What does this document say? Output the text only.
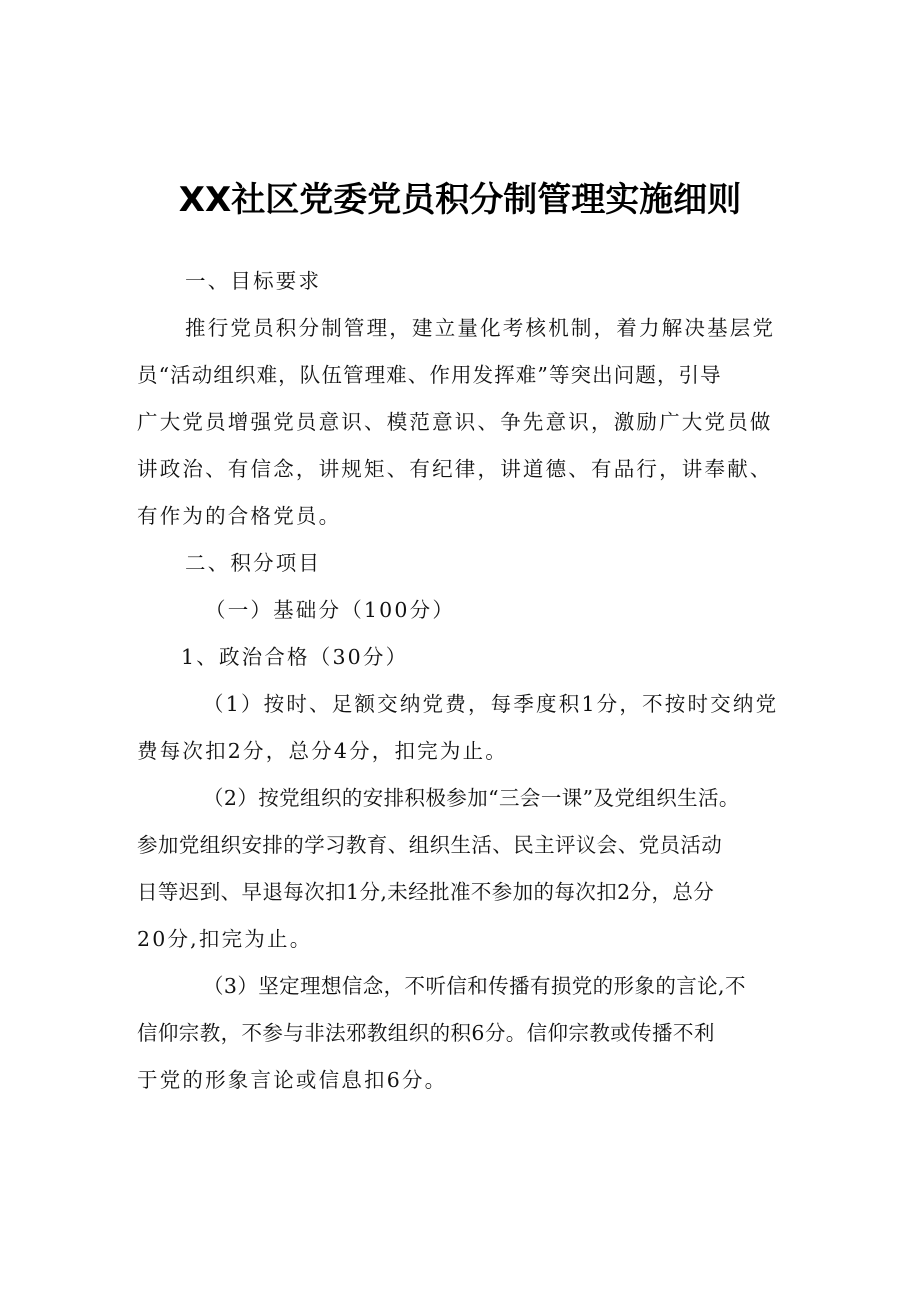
XX社区党委党员积分制管理实施细则
一、目标要求
推行党员积分制管理，建立量化考核机制，着力解决基层党
员“活动组织难，队伍管理难、作用发挥难”等突出问题，引导
广大党员增强党员意识、模范意识、争先意识，激励广大党员做
讲政治、有信念，讲规矩、有纪律，讲道德、有品行，讲奉献、
有作为的合格党员。
二、积分项目
（一）基础分（100分）
1、政治合格（30分）
（1）按时、足额交纳党费，每季度积1分，不按时交纳党
费每次扣2分，总分4分，扣完为止。
（2）按党组织的安排积极参加“三会一课”及党组织生活。
参加党组织安排的学习教育、组织生活、民主评议会、党员活动
日等迟到、早退每次扣1分,未经批准不参加的每次扣2分，总分
20分,扣完为止。
（3）坚定理想信念，不听信和传播有损党的形象的言论,不
信仰宗教，不参与非法邪教组织的积6分。信仰宗教或传播不利
于党的形象言论或信息扣6分。
